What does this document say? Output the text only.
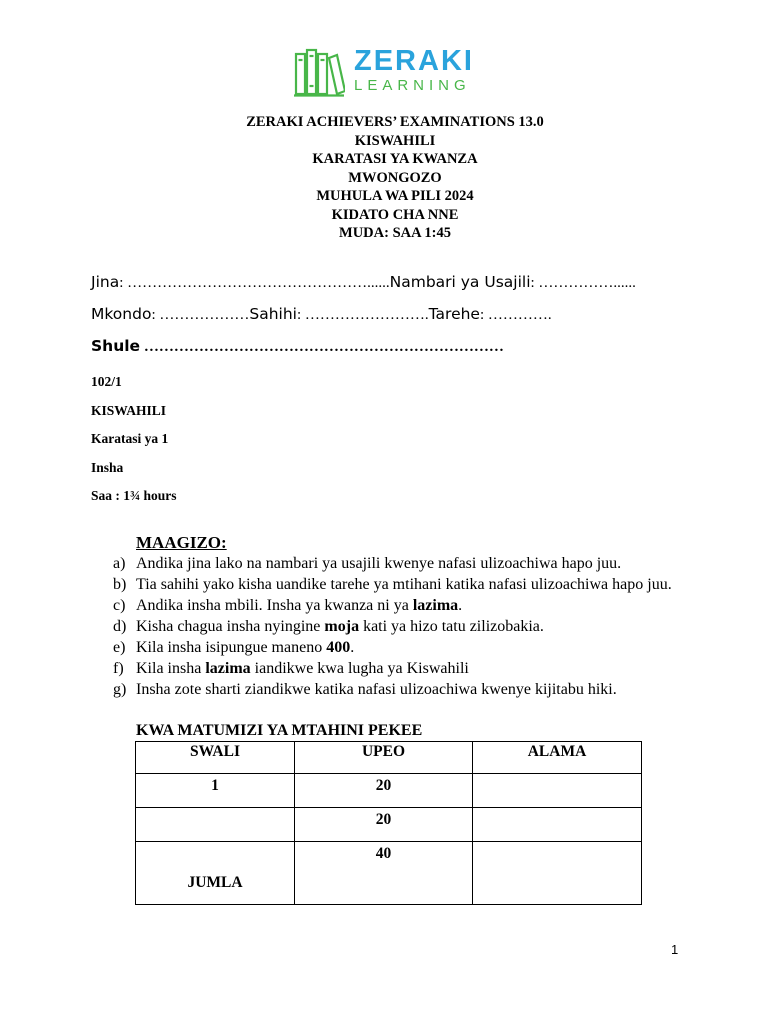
ZERAKI
LEARNING
ZERAKI ACHIEVERS’ EXAMINATIONS 13.0
KISWAHILI
KARATASI YA KWANZA
MWONGOZO
MUHULA WA PILI 2024
KIDATO CHA NNE
MUDA: SAA 1:45
Jina: …………………………………………......Nambari ya Usajili: ……………......
Mkondo: ………………Sahihi: …………………….Tarehe: ………….
Shule ………………………………………………………………
102/1
KISWAHILI
Karatasi ya 1
Insha
Saa : 1¾ hours
MAAGIZO:
a) Andika jina lako na nambari ya usajili kwenye nafasi ulizoachiwa hapo juu.
b) Tia sahihi yako kisha uandike tarehe ya mtihani katika nafasi ulizoachiwa hapo juu.
c) Andika insha mbili. Insha ya kwanza ni ya lazima.
d) Kisha chagua insha nyingine moja kati ya hizo tatu zilizobakia.
e) Kila insha isipungue maneno 400.
f) Kila insha lazima iandikwe kwa lugha ya Kiswahili
g) Insha zote sharti ziandikwe katika nafasi ulizoachiwa kwenye kijitabu hiki.
KWA MATUMIZI YA MTAHINI PEKEE
SWALI	UPEO	ALAMA
1	20	
	20	

JUMLA	40	
1
